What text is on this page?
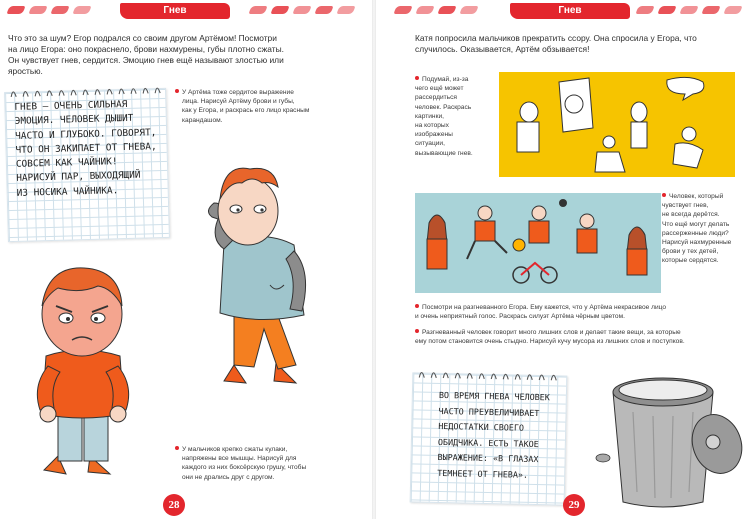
Гнев
Что это за шум? Егор подрался со своим другом Артёмом! Посмотри
на лицо Егора: оно покраснело, брови нахмурены, губы плотно сжаты.
Он чувствует гнев, сердится. Эмоцию гнев ещё называют злостью или
яростью.
ГНЕВ — ОЧЕНЬ СИЛЬНАЯ
ЭМОЦИЯ. ЧЕЛОВЕК ДЫШИТ
ЧАСТО И ГЛУБОКО. ГОВОРЯТ,
ЧТО ОН ЗАКИПАЕТ ОТ ГНЕВА,
СОВСЕМ КАК ЧАЙНИК!
НАРИСУЙ ПАР, ВЫХОДЯЩИЙ
ИЗ НОСИКА ЧАЙНИКА.
У Артёма тоже сердитое выражение
лица. Нарисуй Артёму брови и губы,
как у Егора, и раскрась его лицо красным
карандашом.
У мальчиков крепко сжаты кулаки,
напряжены все мышцы. Нарисуй для
каждого из них боксёрскую грушу, чтобы
они не дрались друг с другом.
28
Гнев
Катя попросила мальчиков прекратить ссору. Она спросила у Егора, что
случилось. Оказывается, Артём обзывается!
Подумай, из-за
чего ещё может
рассердиться
человек. Раскрась
картинки,
на которых
изображены
ситуации,
вызывающие гнев.
Человек, который
чувствует гнев,
не всегда дерётся.
Что ещё могут делать
рассерженные люди?
Нарисуй нахмуренные
брови у тех детей,
которые сердятся.
Посмотри на разгневанного Егора. Ему кажется, что у Артёма некрасивое лицо
и очень неприятный голос. Раскрась силуэт Артёма чёрным цветом.
Разгневанный человек говорит много лишних слов и делает такие вещи, за которые
ему потом становится очень стыдно. Нарисуй кучу мусора из лишних слов и поступков.
ВО ВРЕМЯ ГНЕВА ЧЕЛОВЕК
ЧАСТО ПРЕУВЕЛИЧИВАЕТ
НЕДОСТАТКИ СВОЕГО
ОБИДЧИКА. ЕСТЬ ТАКОЕ
ВЫРАЖЕНИЕ: «В ГЛАЗАХ
ТЕМНЕЕТ ОТ ГНЕВА».
29
